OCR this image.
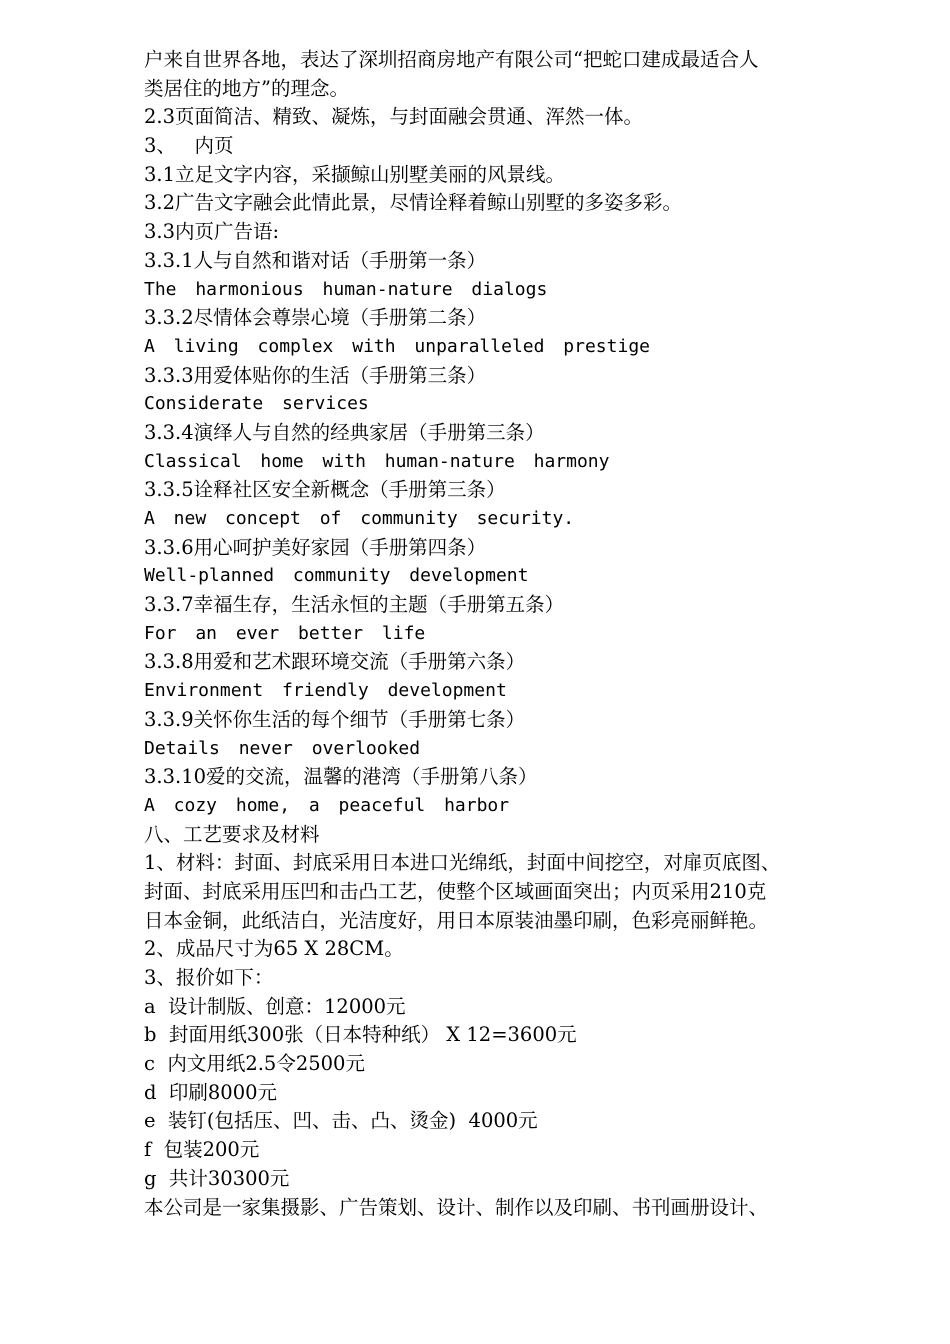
户来自世界各地，表达了深圳招商房地产有限公司“把蛇口建成最适合人
类居住的地方”的理念。
2.3页面简洁、精致、凝炼，与封面融会贯通、浑然一体。
3、   内页
3.1立足文字内容，采撷鲸山别墅美丽的风景线。
3.2广告文字融会此情此景，尽情诠释着鲸山别墅的多姿多彩。
3.3内页广告语:
3.3.1人与自然和谐对话（手册第一条）
The harmonious human-nature dialogs
3.3.2尽情体会尊崇心境（手册第二条）
A living complex with unparalleled prestige
3.3.3用爱体贴你的生活（手册第三条）
Considerate services
3.3.4演绎人与自然的经典家居（手册第三条）
Classical home with human-nature harmony
3.3.5诠释社区安全新概念（手册第三条）
A new concept of community security.
3.3.6用心呵护美好家园（手册第四条）
Well-planned community development
3.3.7幸福生存，生活永恒的主题（手册第五条）
For an ever better life
3.3.8用爱和艺术跟环境交流（手册第六条）
Environment friendly development
3.3.9关怀你生活的每个细节（手册第七条）
Details never overlooked
3.3.10爱的交流，温馨的港湾（手册第八条）
A cozy home, a peaceful harbor
八、工艺要求及材料
1、材料：封面、封底采用日本进口光绵纸，封面中间挖空，对扉页底图、
封面、封底采用压凹和击凸工艺，使整个区域画面突出；内页采用210克
日本金铜，此纸洁白，光洁度好，用日本原装油墨印刷，色彩亮丽鲜艳。
2、成品尺寸为65 X 28CM。
3、报价如下：
a  设计制版、创意：12000元
b  封面用纸300张（日本特种纸） X 12=3600元
c  内文用纸2.5令2500元
d  印刷8000元
e  装钉(包括压、凹、击、凸、烫金)  4000元
f  包装200元
g  共计30300元
本公司是一家集摄影、广告策划、设计、制作以及印刷、书刊画册设计、
